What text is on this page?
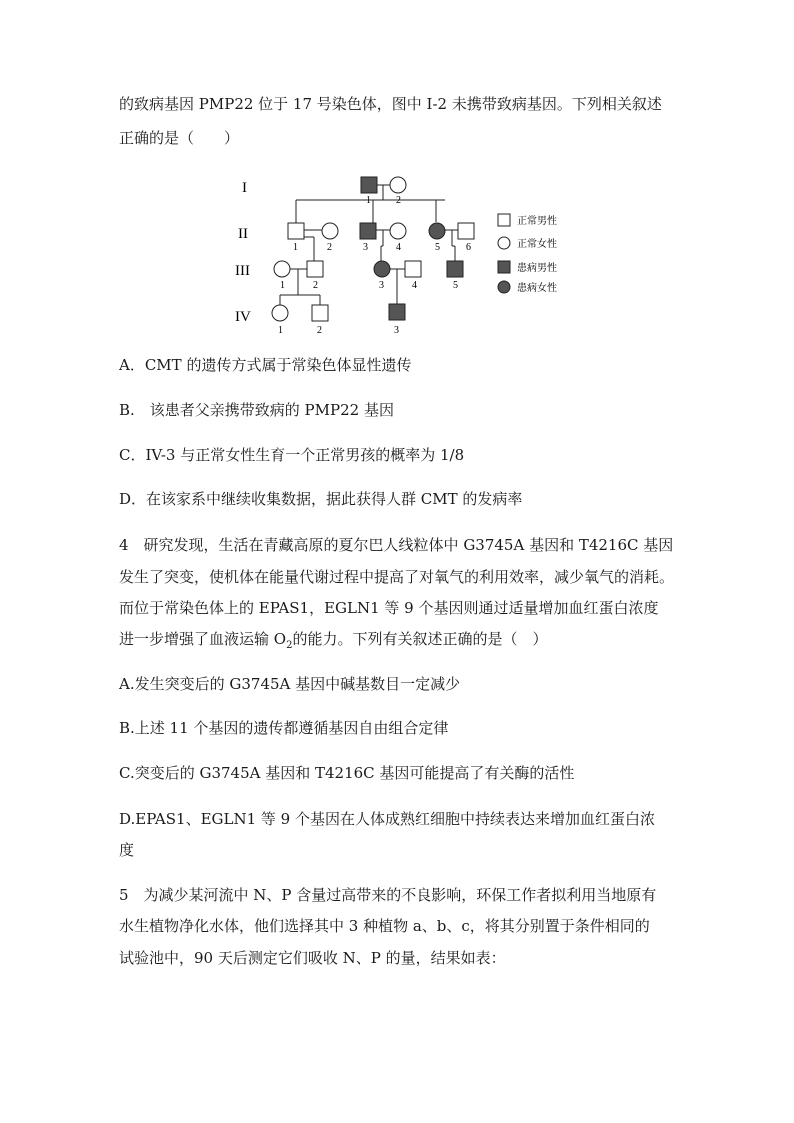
的致病基因 PMP22 位于 17 号染色体，图中 I-2 未携带致病基因。下列相关叙述
正确的是（　　）
I
II
III
IV
1	2
1	2	3	4	5	6
1	2	3	4	5
1	2	3
正常男性
正常女性
患病男性
患病女性
A．CMT 的遗传方式属于常染色体显性遗传
B.　该患者父亲携带致病的 PMP22 基因
C．IV-3 与正常女性生育一个正常男孩的概率为 1/8
D．在该家系中继续收集数据，据此获得人群 CMT 的发病率
4　研究发现，生活在青藏高原的夏尔巴人线粒体中 G3745A 基因和 T4216C 基因
发生了突变，使机体在能量代谢过程中提高了对氧气的利用效率，减少氧气的消耗。
而位于常染色体上的 EPAS1，EGLN1 等 9 个基因则通过适量增加血红蛋白浓度
进一步增强了血液运输 $O_2$的能力。下列有关叙述正确的是（　）
A.发生突变后的 G3745A 基因中碱基数目一定减少
B.上述 11 个基因的遗传都遵循基因自由组合定律
C.突变后的 G3745A 基因和 T4216C 基因可能提高了有关酶的活性
D.EPAS1、EGLN1 等 9 个基因在人体成熟红细胞中持续表达来增加血红蛋白浓
度
5　为减少某河流中 N、P 含量过高带来的不良影响，环保工作者拟利用当地原有
水生植物净化水体，他们选择其中 3 种植物 a、b、c，将其分别置于条件相同的
试验池中，90 天后测定它们吸收 N、P 的量，结果如表：
